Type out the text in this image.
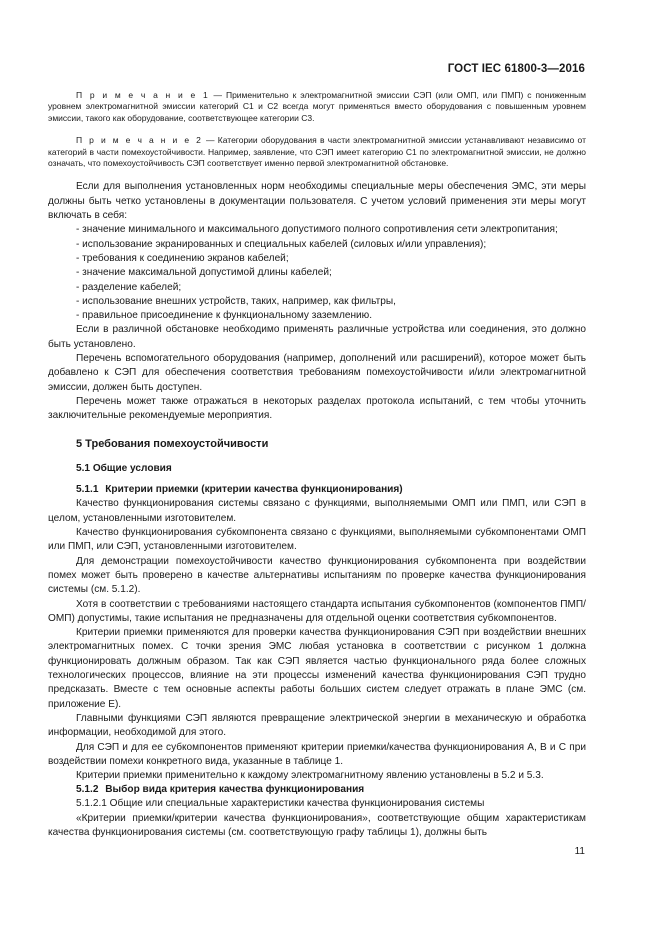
ГОСТ IEC 61800-3—2016

П р и м е ч а н и е 1 — Применительно к электромагнитной эмиссии СЭП (или ОМП, или ПМП) с пониженным уровнем электромагнитной эмиссии категорий С1 и С2 всегда могут применяться вместо оборудования с повышенным уровнем эмиссии, такого как оборудование, соответствующее категории С3.

П р и м е ч а н и е 2 — Категории оборудования в части электромагнитной эмиссии устанавливают независимо от категорий в части помехоустойчивости. Например, заявление, что СЭП имеет категорию С1 по электромагнитной эмиссии, не должно означать, что помехоустойчивость СЭП соответствует именно первой электромагнитной обстановке.

Если для выполнения установленных норм необходимы специальные меры обеспечения ЭМС, эти меры должны быть четко установлены в документации пользователя. С учетом условий применения эти меры могут включать в себя:

- значение минимального и максимального допустимого полного сопротивления сети электропитания;
- использование экранированных и специальных кабелей (силовых и/или управления);
- требования к соединению экранов кабелей;
- значение максимальной допустимой длины кабелей;
- разделение кабелей;
- использование внешних устройств, таких, например, как фильтры,
- правильное присоединение к функциональному заземлению.

Если в различной обстановке необходимо применять различные устройства или соединения, это должно быть установлено.

Перечень вспомогательного оборудования (например, дополнений или расширений), которое может быть добавлено к СЭП для обеспечения соответствия требованиям помехоустойчивости и/или электромагнитной эмиссии, должен быть доступен.

Перечень может также отражаться в некоторых разделах протокола испытаний, с тем чтобы уточнить заключительные рекомендуемые мероприятия.

5 Требования помехоустойчивости
5.1 Общие условия
5.1.1 Критерии приемки (критерии качества функционирования)

Качество функционирования системы связано с функциями, выполняемыми ОМП или ПМП, или СЭП в целом, установленными изготовителем.

Качество функционирования субкомпонента связано с функциями, выполняемыми субкомпонентами ОМП или ПМП, или СЭП, установленными изготовителем.

Для демонстрации помехоустойчивости качество функционирования субкомпонента при воздействии помех может быть проверено в качестве альтернативы испытаниям по проверке качества функционирования системы (см. 5.1.2).

Хотя в соответствии с требованиями настоящего стандарта испытания субкомпонентов (компонентов ПМП/ОМП) допустимы, такие испытания не предназначены для отдельной оценки соответствия субкомпонентов.

Критерии приемки применяются для проверки качества функционирования СЭП при воздействии внешних электромагнитных помех. С точки зрения ЭМС любая установка в соответствии с рисунком 1 должна функционировать должным образом. Так как СЭП является частью функционального ряда более сложных технологических процессов, влияние на эти процессы изменений качества функционирования СЭП трудно предсказать. Вместе с тем основные аспекты работы больших систем следует отражать в плане ЭМС (см. приложение Е).

Главными функциями СЭП являются превращение электрической энергии в механическую и обработка информации, необходимой для этого.

Для СЭП и для ее субкомпонентов применяют критерии приемки/качества функционирования А, В и С при воздействии помехи конкретного вида, указанные в таблице 1.

Критерии приемки применительно к каждому электромагнитному явлению установлены в 5.2 и 5.3.

5.1.2 Выбор вида критерия качества функционирования
5.1.2.1 Общие или специальные характеристики качества функционирования системы

«Критерии приемки/критерии качества функционирования», соответствующие общим характеристикам качества функционирования системы (см. соответствующую графу таблицы 1), должны быть

11
